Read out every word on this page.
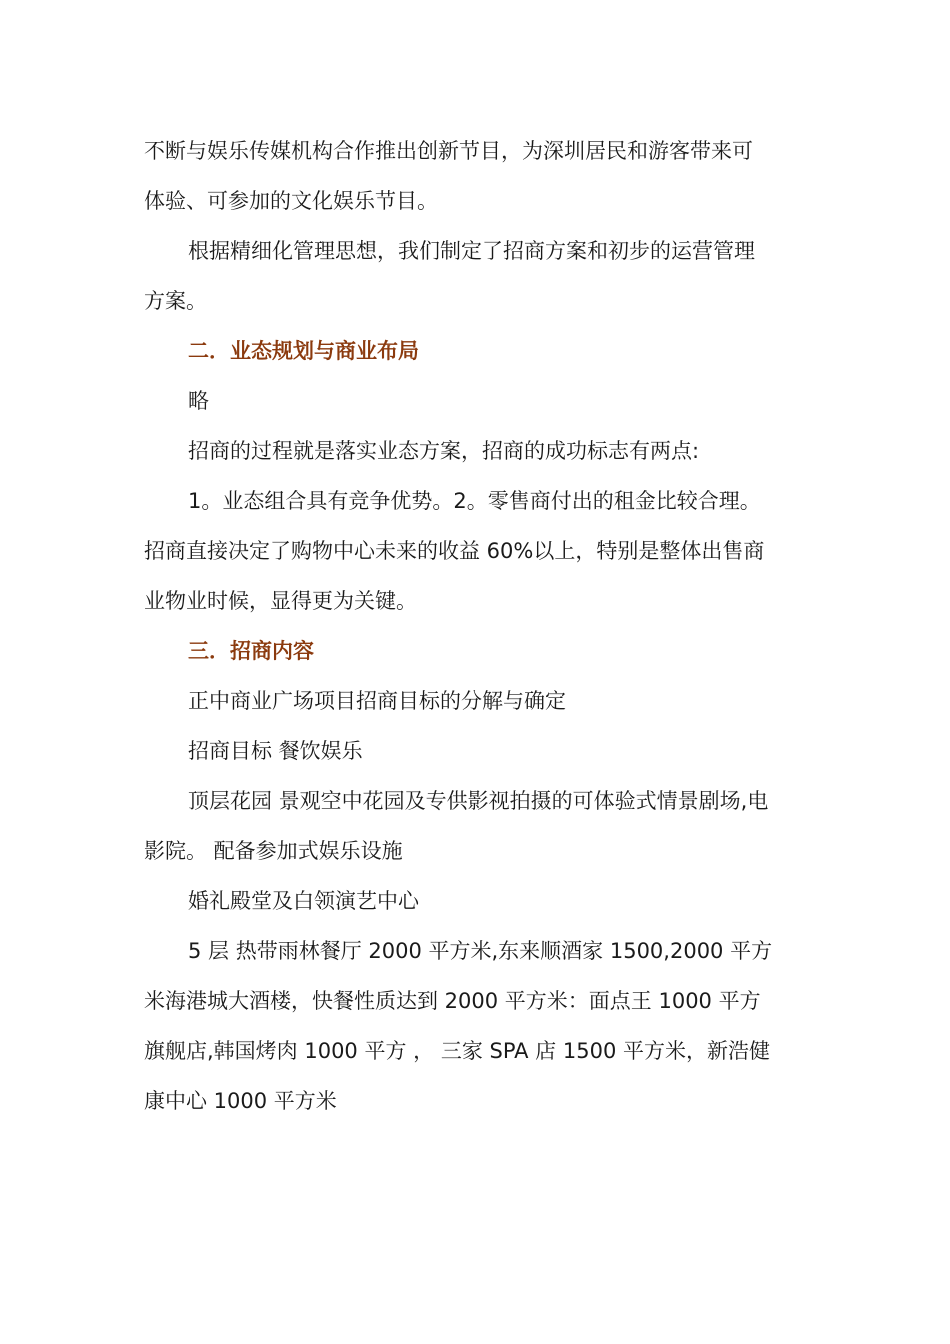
不断与娱乐传媒机构合作推出创新节目，为深圳居民和游客带来可
体验、可参加的文化娱乐节目。
根据精细化管理思想，我们制定了招商方案和初步的运营管理
方案。
二．业态规划与商业布局
略
招商的过程就是落实业态方案，招商的成功标志有两点:
1。业态组合具有竞争优势。2。零售商付出的租金比较合理。
招商直接决定了购物中心未来的收益 60%以上，特别是整体出售商
业物业时候，显得更为关键。
三．招商内容
正中商业广场项目招商目标的分解与确定
招商目标 餐饮娱乐
顶层花园 景观空中花园及专供影视拍摄的可体验式情景剧场,电
影院。 配备参加式娱乐设施
婚礼殿堂及白领演艺中心
5 层 热带雨林餐厅 2000 平方米,东来顺酒家 1500,2000 平方
米海港城大酒楼，快餐性质达到 2000 平方米：面点王 1000 平方
旗舰店,韩国烤肉 1000 平方 ， 三家 SPA 店 1500 平方米，新浩健
康中心 1000 平方米
